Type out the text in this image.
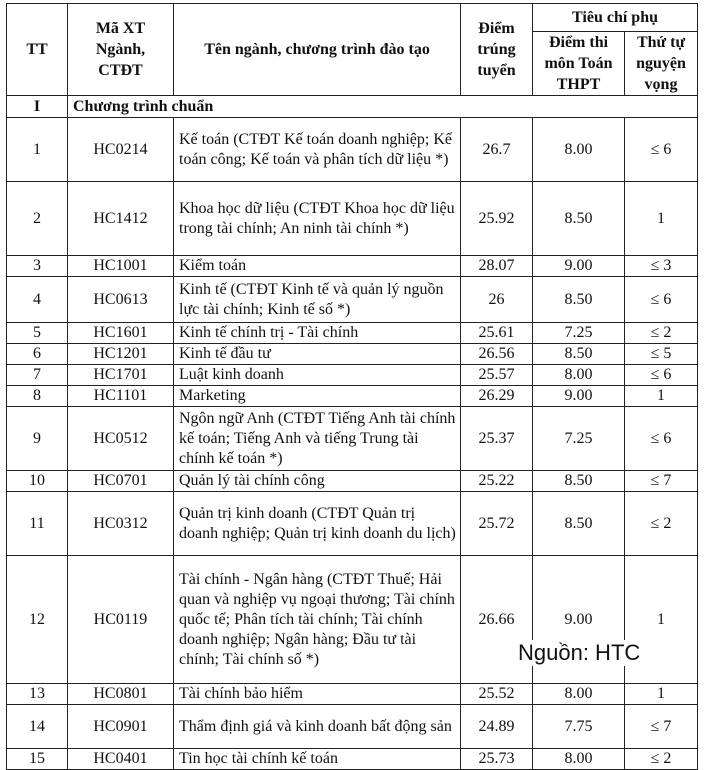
TT	Mã XT Ngành, CTĐT	Tên ngành, chương trình đào tạo	Điểm trúng tuyển	Tiêu chí phụ	
				Điểm thi môn Toán THPT	Thứ tự nguyện vọng
I	Chương trình chuẩn				
1	HC0214	Kế toán (CTĐT Kế toán doanh nghiệp; Kế toán công; Kế toán và phân tích dữ liệu *)	26.7	8.00	≤ 6
2	HC1412	Khoa học dữ liệu (CTĐT Khoa học dữ liệu trong tài chính; An ninh tài chính *)	25.92	8.50	1
3	HC1001	Kiểm toán	28.07	9.00	≤ 3
4	HC0613	Kinh tế (CTĐT Kinh tế và quản lý nguồn lực tài chính; Kinh tế số *)	26	8.50	≤ 6
5	HC1601	Kinh tế chính trị - Tài chính	25.61	7.25	≤ 2
6	HC1201	Kinh tế đầu tư	26.56	8.50	≤ 5
7	HC1701	Luật kinh doanh	25.57	8.00	≤ 6
8	HC1101	Marketing	26.29	9.00	1
9	HC0512	Ngôn ngữ Anh (CTĐT Tiếng Anh tài chính kế toán; Tiếng Anh và tiếng Trung tài chính kế toán *)	25.37	7.25	≤ 6
10	HC0701	Quản lý tài chính công	25.22	8.50	≤ 7
11	HC0312	Quản trị kinh doanh (CTĐT Quản trị doanh nghiệp; Quản trị kinh doanh du lịch)	25.72	8.50	≤ 2
12	HC0119	Tài chính - Ngân hàng (CTĐT Thuế; Hải quan và nghiệp vụ ngoại thương; Tài chính quốc tế; Phân tích tài chính; Tài chính doanh nghiệp; Ngân hàng; Đầu tư tài chính; Tài chính số *)	26.66	9.00	1
13	HC0801	Tài chính bảo hiểm	25.52	8.00	1
14	HC0901	Thẩm định giá và kinh doanh bất động sản	24.89	7.75	≤ 7
15	HC0401	Tin học tài chính kế toán	25.73	8.00	≤ 2
Nguồn: HTC
